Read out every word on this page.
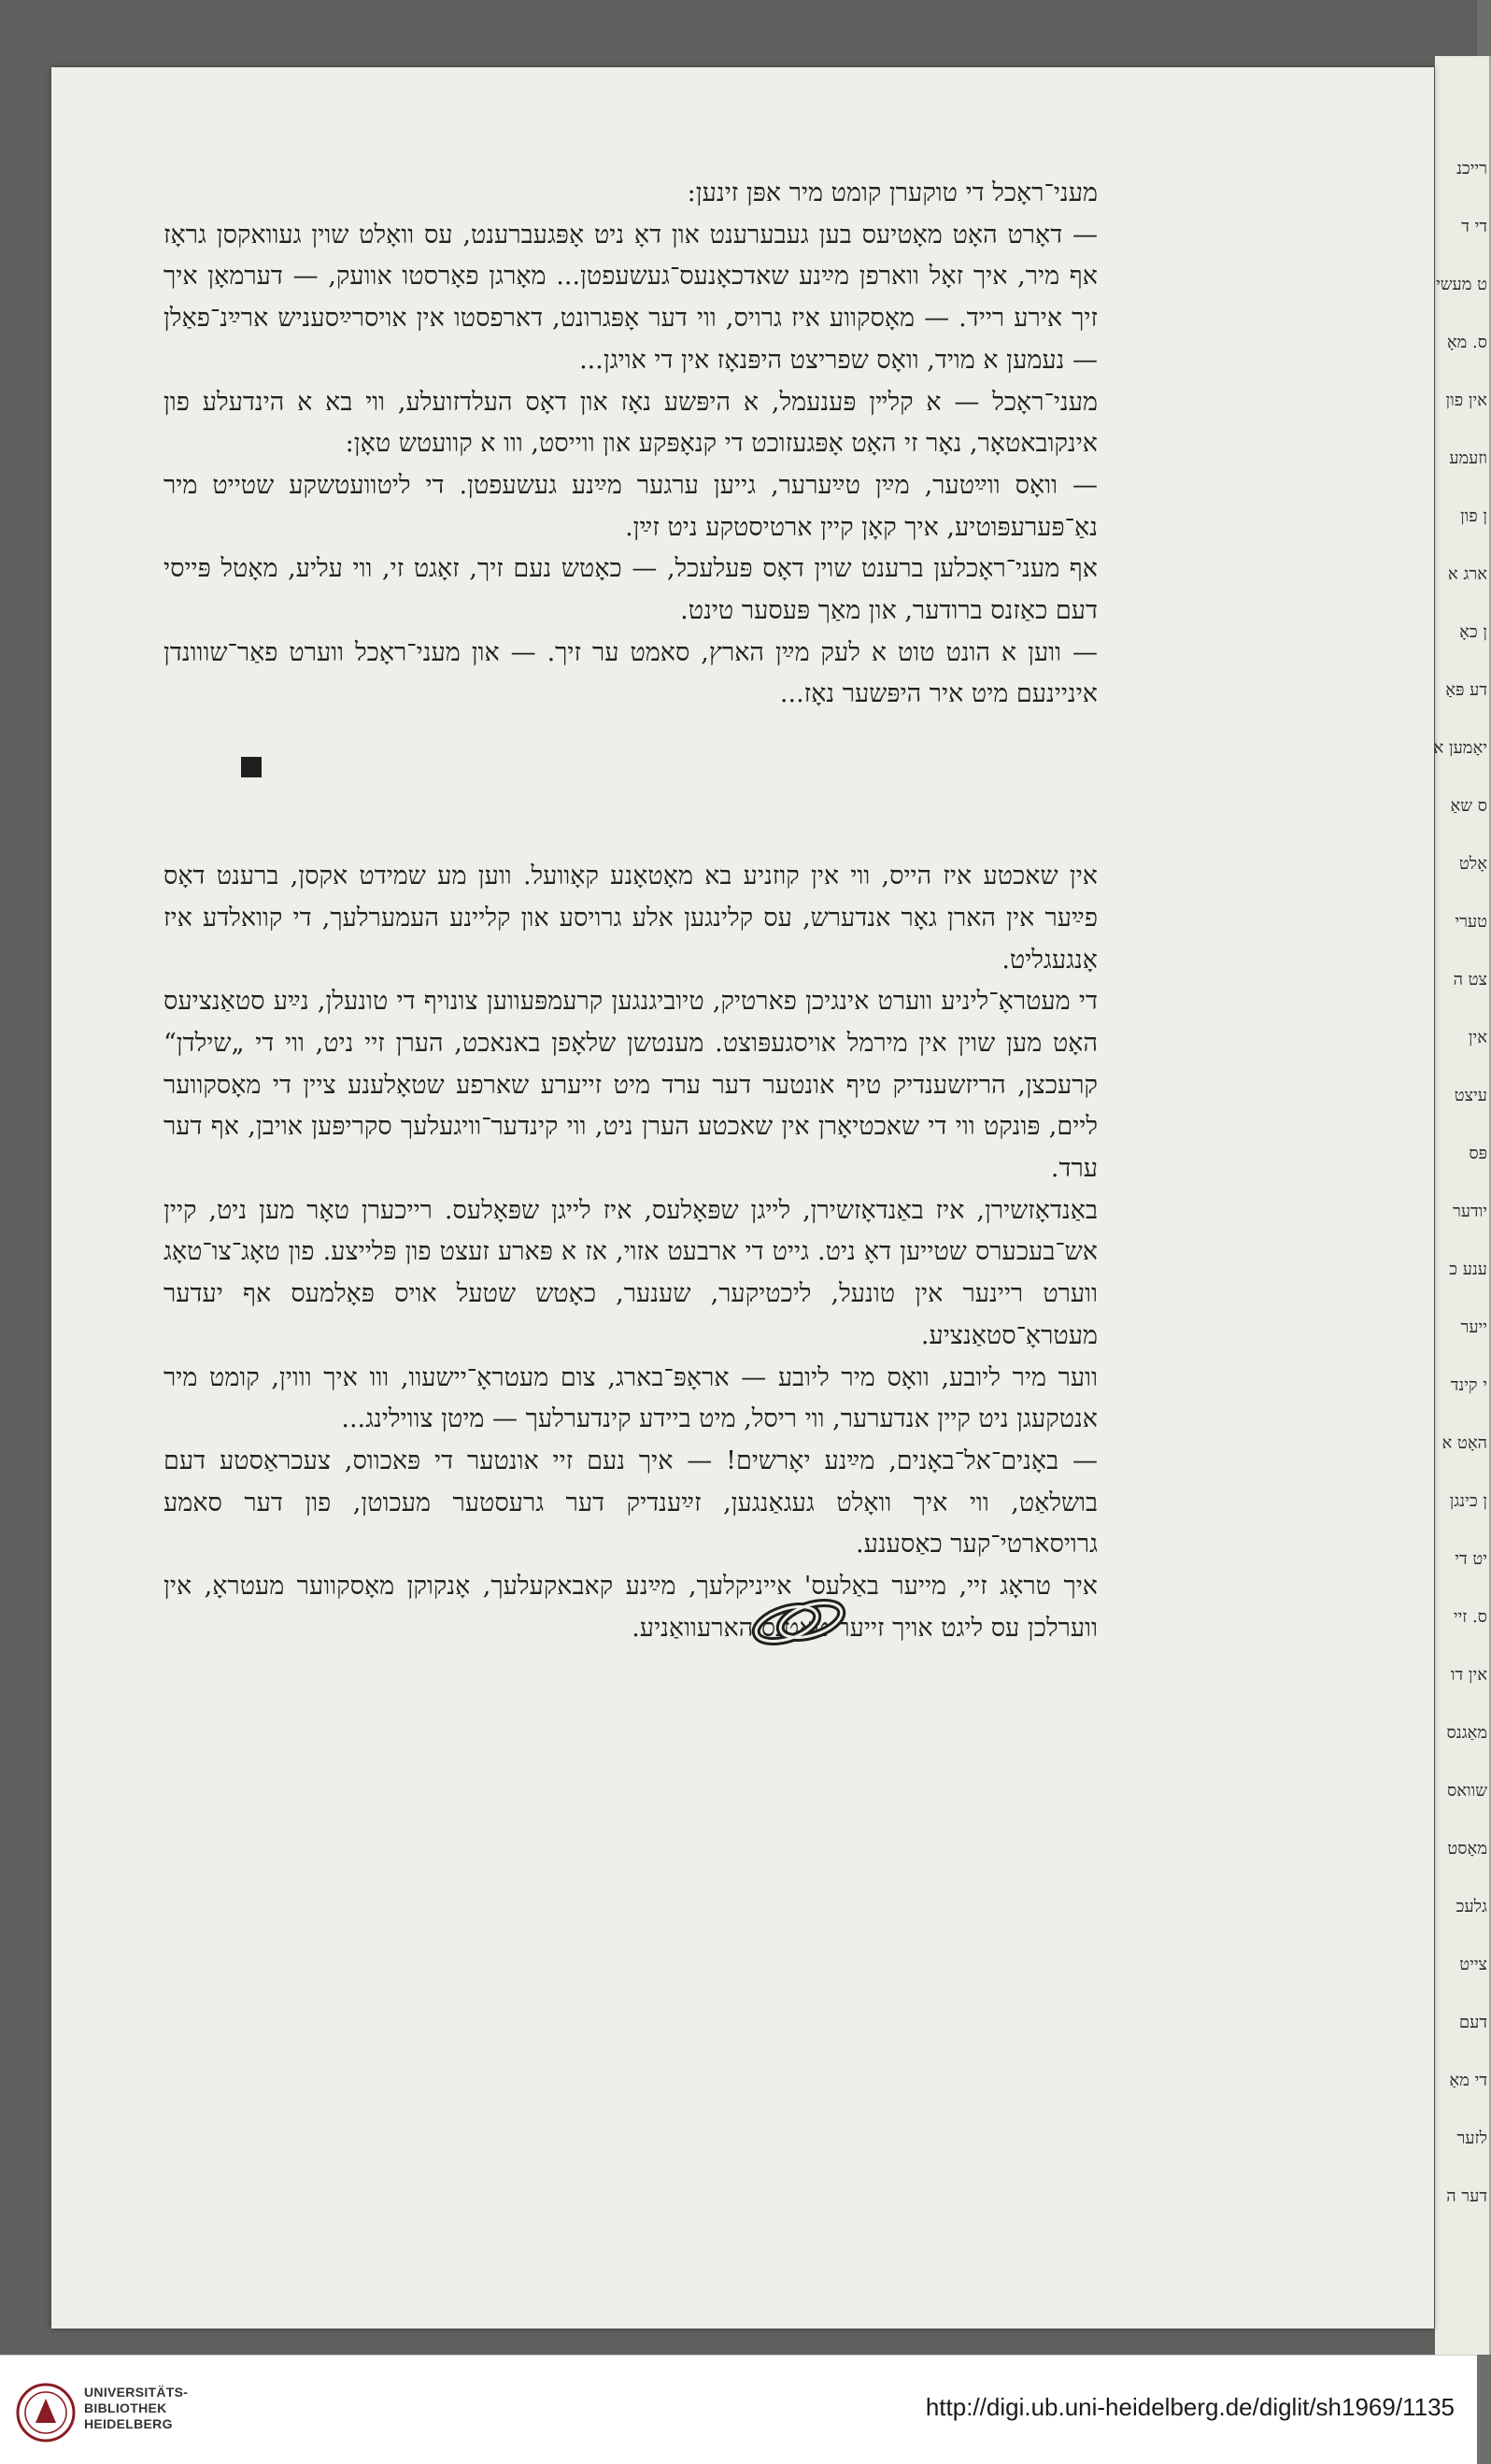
רייכנ
די ד
ט מעשי
ס. מאָ
אין פון
וזעמע
ן פון
ארג א
ן כאָ
דע פּאַ
יאָמען א
ס שאַ
אָלט
טערי
צט ה
אין
עיצט
פּס
יודער
ענע כ
ייער
י קינד
האָט א
ן כינגן
יט די
ס. זיי
אין דו
מאַגנס
שוואס
מאָסט
גלעכ
צייט
דעם
די מאַ
לזער
דער ה

מעני־ראָכל די טוקערן קומט מיר אפּן זינען:

— דאָרט האָט מאָטיעס בען געבערענט און דאָ ניט אָפּגעברענט, עס וואָלט שוין געוואקסן גראָז אף מיר, איך זאָל ווארפן מײַנע שאדכאָנעס־געשעפטן... מאָרגן פאָרסטו אוועק, — דערמאָן איך זיך אירע רייד. — מאָסקווע איז גרויס, ווי דער אָפּגרונט, דארפסטו אין אויסרײַסעניש ארײַנ־פאַלן — נעמען א מויד, וואָס שפריצט היפּנאָז אין די אויגן...

מעני־ראָכל — א קלײן פּענעמל, א היפּשע נאָז און דאָס העלדזועלע, ווי בא א הינדעלע פון אינקובאטאָר, נאָר זי האָט אָפּגעזוכט די קנאָפּקע און ווייסט, ווו א קוועטש טאָן:

— וואָס ווײַטער, מײַן טײַערער, גייען ערגער מײַנע געשעפטן. די ליטוועטשקע שטייט מיר נאַ־פּערעפּוטיע, איך קאָן קיין ארטיסטקע ניט זײַן.

אף מעני־ראָכלען ברענט שוין דאָס פּעלעכל, — כאָטש נעם זיך, זאָגט זי, ווי עליע, מאָטל פּייסי דעם כאַזנס ברודער, און מאַך פּעסער טינט.

— ווען א הונט טוט א לעק מײַן הארץ, סאמט ער זיך. — און מעני־ראָכל ווערט פאַר־שווונדן איניינעם מיט איר היפּשער נאָז...

אין שאכטע איז הייס, ווי אין קוזניע בא מאָטאָנע קאָוועל. ווען מע שמידט אקסן, ברענט דאָס פײַער אין הארן גאָר אנדערש, עס קלינגען אלע גרויסע און קליינע העמערלעך, די קוואלדע איז אָנגעגליט.

די מעטראָ־ליניע ווערט אינגיכן פארטיק, טיוביגנגען קרעמפּעווען צונויף די טונעלן, נײַע סטאַנציעס האָט מען שוין אין מירמל אויסגעפּוצט. מענטשן שלאָפן באנאכט, הערן זיי ניט, ווי די „שילדן“ קרעכצן, הריזשענדיק טיף אונטער דער ערד מיט זייערע שארפע שטאָלענע ציין די מאָסקווער ליים, פּונקט ווי די שאכטיאָרן אין שאכטע הערן ניט, ווי קינדער־וויגעלעך סקריפּען אויבן, אף דער ערד.

באַנדאָזשירן, איז באַנדאָזשירן, לייגן שפּאָלעס, איז לייגן שפּאָלעס. רייכערן טאָר מען ניט, קיין אש־בעכערס שטייען דאָ ניט. גייט די ארבעט אזוי, אז א פּארע זעצט פון פּלייצע. פון טאָג־צו־טאָג ווערט ריינער אין טונעל, ליכטיקער, שענער, כאָטש שטעל אויס פּאָלמעס אף יעדער מעטראָ־סטאַנציע.

ווער מיר ליובע, וואָס מיר ליובע — אראָפּ־בארג, צום מעטראָ־יישעוו, ווו איך וווין, קומט מיר אנטקעגן ניט קיין אנדערער, ווי ריסל, מיט ביידע קינדערלעך — מיטן צווילינג...

— באָנים־אל־באָנים, מײַנע יאָרשים! — איך נעם זיי אונטער די פּאכווס, צעכראַסטע דעם בושלאַט, ווי איך וואָלט געגאַנגען, זײַענדיק דער גרעסטער מעכוטן, פון דער סאמע גרויסארטי־קער כאַסענע.

איך טראָג זיי, מייער באַלעס' אייניקלעך, מײַנע קאבאקעלעך, אָנקוקן מאָסקווער מעטראָ, אין ווערלכן עס ליגט אויך זייער טאטנס הארעוואַניע.

UNIVERSITÄTS-
BIBLIOTHEK
HEIDELBERG
http://digi.ub.uni-heidelberg.de/diglit/sh1969/1135
